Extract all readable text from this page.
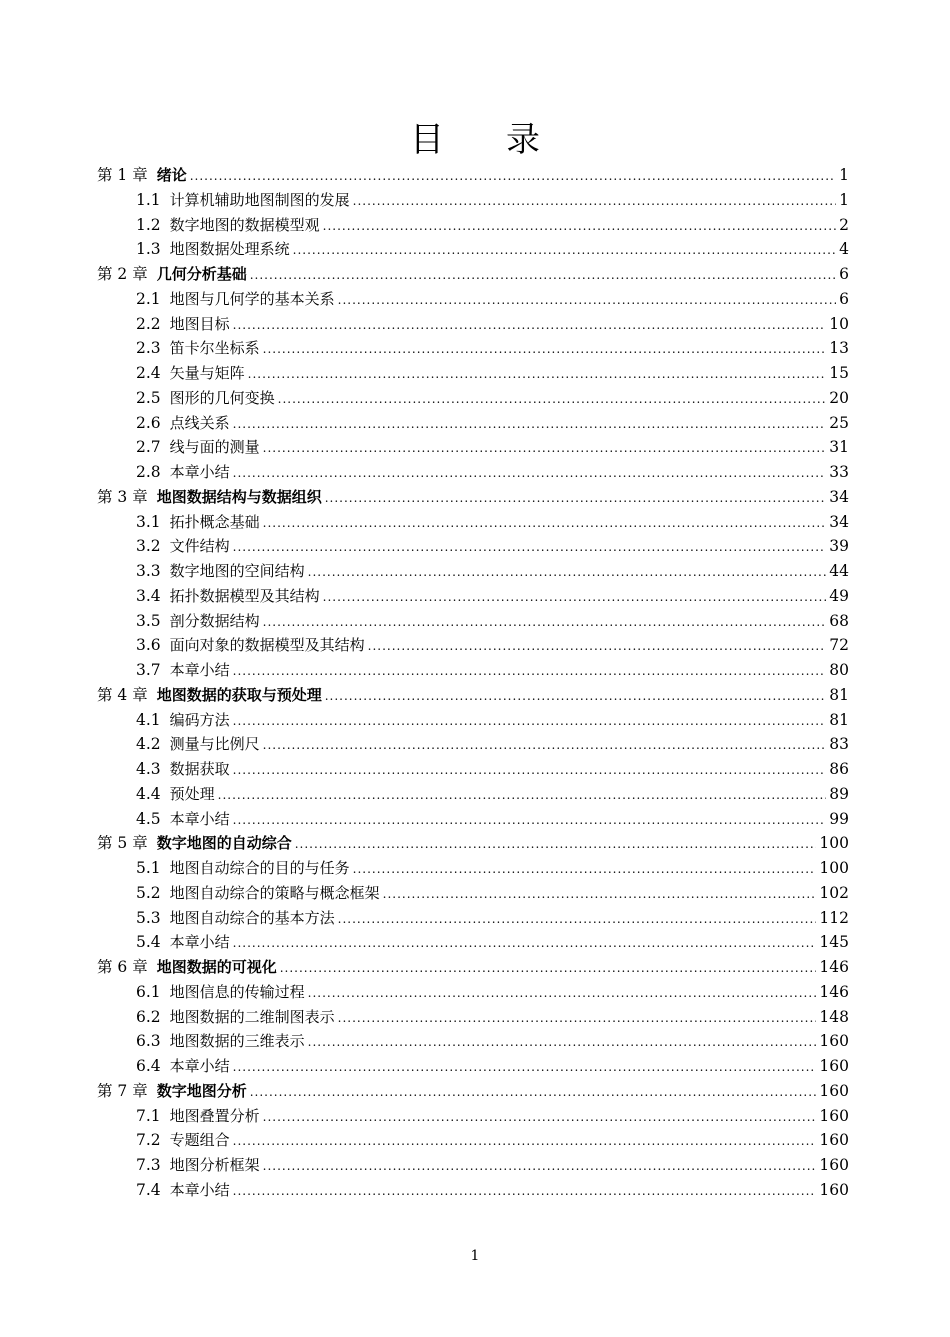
目 录
第 1 章 绪论 .....	1
1.1 计算机辅助地图制图的发展 .....	1
1.2 数字地图的数据模型观 .....	2
1.3 地图数据处理系统 .....	4
第 2 章 几何分析基础 .....	6
2.1 地图与几何学的基本关系 .....	6
2.2 地图目标 .....	10
2.3 笛卡尔坐标系 .....	13
2.4 矢量与矩阵 .....	15
2.5 图形的几何变换 .....	20
2.6 点线关系 .....	25
2.7 线与面的测量 .....	31
2.8 本章小结 .....	33
第 3 章 地图数据结构与数据组织 .....	34
3.1 拓扑概念基础 .....	34
3.2 文件结构 .....	39
3.3 数字地图的空间结构 .....	44
3.4 拓扑数据模型及其结构 .....	49
3.5 剖分数据结构 .....	68
3.6 面向对象的数据模型及其结构 .....	72
3.7 本章小结 .....	80
第 4 章 地图数据的获取与预处理 .....	81
4.1 编码方法 .....	81
4.2 测量与比例尺 .....	83
4.3 数据获取 .....	86
4.4 预处理 .....	89
4.5 本章小结 .....	99
第 5 章 数字地图的自动综合 .....	100
5.1 地图自动综合的目的与任务 .....	100
5.2 地图自动综合的策略与概念框架 .....	102
5.3 地图自动综合的基本方法 .....	112
5.4 本章小结 .....	145
第 6 章 地图数据的可视化 .....	146
6.1 地图信息的传输过程 .....	146
6.2 地图数据的二维制图表示 .....	148
6.3 地图数据的三维表示 .....	160
6.4 本章小结 .....	160
第 7 章 数字地图分析 .....	160
7.1 地图叠置分析 .....	160
7.2 专题组合 .....	160
7.3 地图分析框架 .....	160
7.4 本章小结 .....	160
1
